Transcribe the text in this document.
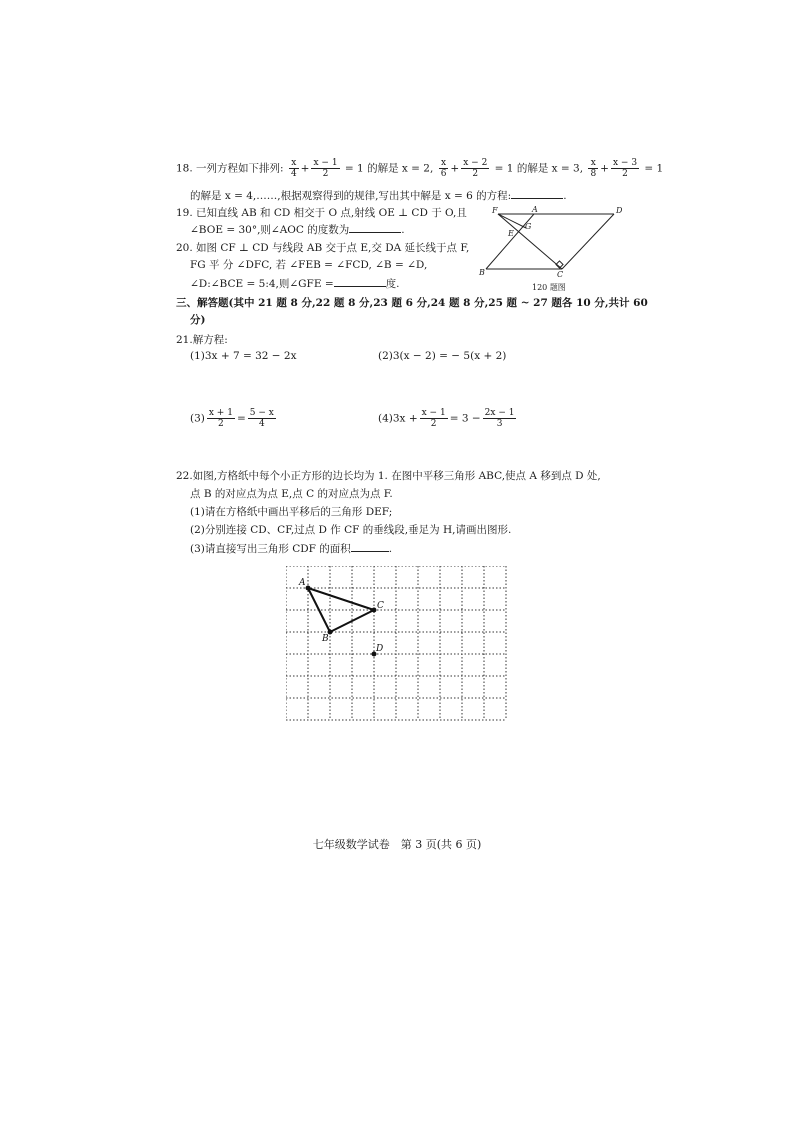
18. 一列方程如下排列: $\frac{x}{4} + \frac{x - 1}{2} = 1$ 的解是 x = 2, $\frac{x}{6} + \frac{x - 2}{2} = 1$ 的解是 x = 3, $\frac{x}{8} + \frac{x - 3}{2} = 1$
的解是 x = 4,……,根据观察得到的规律,写出其中解是 x = 6 的方程:	.
19. 已知直线 AB 和 CD 相交于 O 点,射线 OE ⊥ CD 于 O,且
∠BOE = 30°,则∠AOC 的度数为	.
20. 如图 CF ⊥ CD 与线段 AB 交于点 E,交 DA 延长线于点 F,
FG 平 分 ∠DFC, 若 ∠FEB = ∠FCD, ∠B = ∠D,
∠D:∠BCE = 5:4,则∠GFE =	度.
F	A	D
E
G
B	C
120 题图
三、解答题(其中 21 题 8 分,22 题 8 分,23 题 6 分,24 题 8 分,25 题 ~ 27 题各 10 分,共计 60
分)
21.解方程:
(1)3x + 7 = 32 − 2x	(2)3(x − 2) = − 5(x + 2)
$(3) \frac{x + 1}{2} = \frac{5 - x}{4}$	$(4)3x + \frac{x - 1}{2} = 3 - \frac{2x - 1}{3}$
22.如图,方格纸中每个小正方形的边长均为 1. 在图中平移三角形 ABC,使点 A 移到点 D 处,
点 B 的对应点为点 E,点 C 的对应点为点 F.
(1)请在方格纸中画出平移后的三角形 DEF;
(2)分别连接 CD、CF,过点 D 作 CF 的垂线段,垂足为 H,请画出图形.
(3)请直接写出三角形 CDF 的面积	.
A
B
C
D
七年级数学试卷　第 3 页(共 6 页)
